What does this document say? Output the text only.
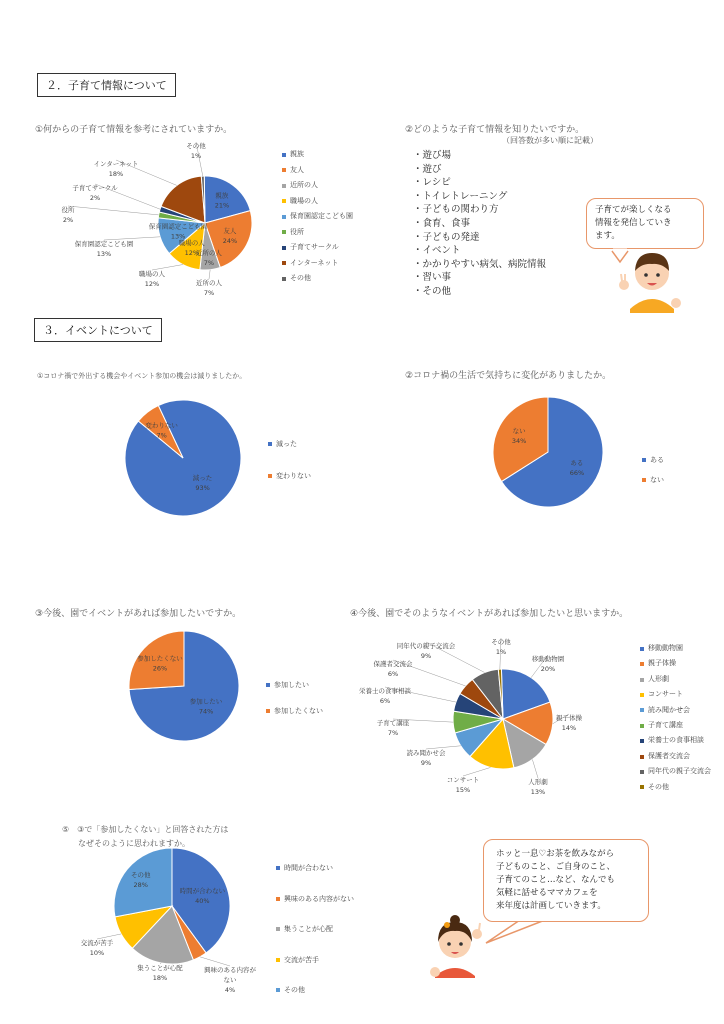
２．子育て情報について
３．イベントについて
①何からの子育て情報を参考にされていますか。
①コロナ禍で外出する機会やイベント参加の機会は減りましたか。	②コロナ禍の生活で気持ちに変化がありましたか。
③今後、園でイベントがあれば参加したいですか。	④今後、園でそのようなイベントがあれば参加したいと思いますか。
⑤　③で「参加したくない」と回答された方は
なぜそのように思われますか。
②どのような子育て情報を知りたいですか。
（回答数が多い順に記載）
・遊び場
・遊び
・レシピ
・トイレトレーニング
・子どもの関わり方
・食育、食事
・子どもの発達
・イベント
・かかりやすい病気、病院情報
・習い事
・その他
子育てが楽しくなる
情報を発信していき
ます。
ホッと一息♡お茶を飲みながら
子どものこと、ご自身のこと、
子育てのこと…など、なんでも
気軽に話せるママカフェを
来年度は計画していきます。
親族
21%
友人
24%
近所の人
7%
職場の人
12%
保育園認定こども園
13%
近所の人
7%
職場の人
12%
保育園認定こども園
13%
役所
2%
子育てサークル
2%
インターネット
18%
その他
1%
減った
93%
変わりない
7%
ある
66%
ない
34%
参加したい
74%
参加したくない
26%
移動動物園
20%
親子体操
14%
人形劇
13%
コンサート
15%
読み聞かせ会
9%
子育て講座
7%
栄養士の食事相談
6%
保護者交流会
6%
同年代の親子交流会
9%
その他
1%
時間が合わない
40%
その他
28%
興味のある内容が
ない
4%
集うことが心配
18%
交流が苦手
10%
親族
友人
近所の人
職場の人
保育園認定こども園
役所
子育てサークル
インターネット
その他
減った
変わりない
ある
ない
参加したい
参加したくない
移動動物園
親子体操
人形劇
コンサート
読み聞かせ会
子育て講座
栄養士の食事相談
保護者交流会
同年代の親子交流会
その他
時間が合わない
興味のある内容がない
集うことが心配
交流が苦手
その他
